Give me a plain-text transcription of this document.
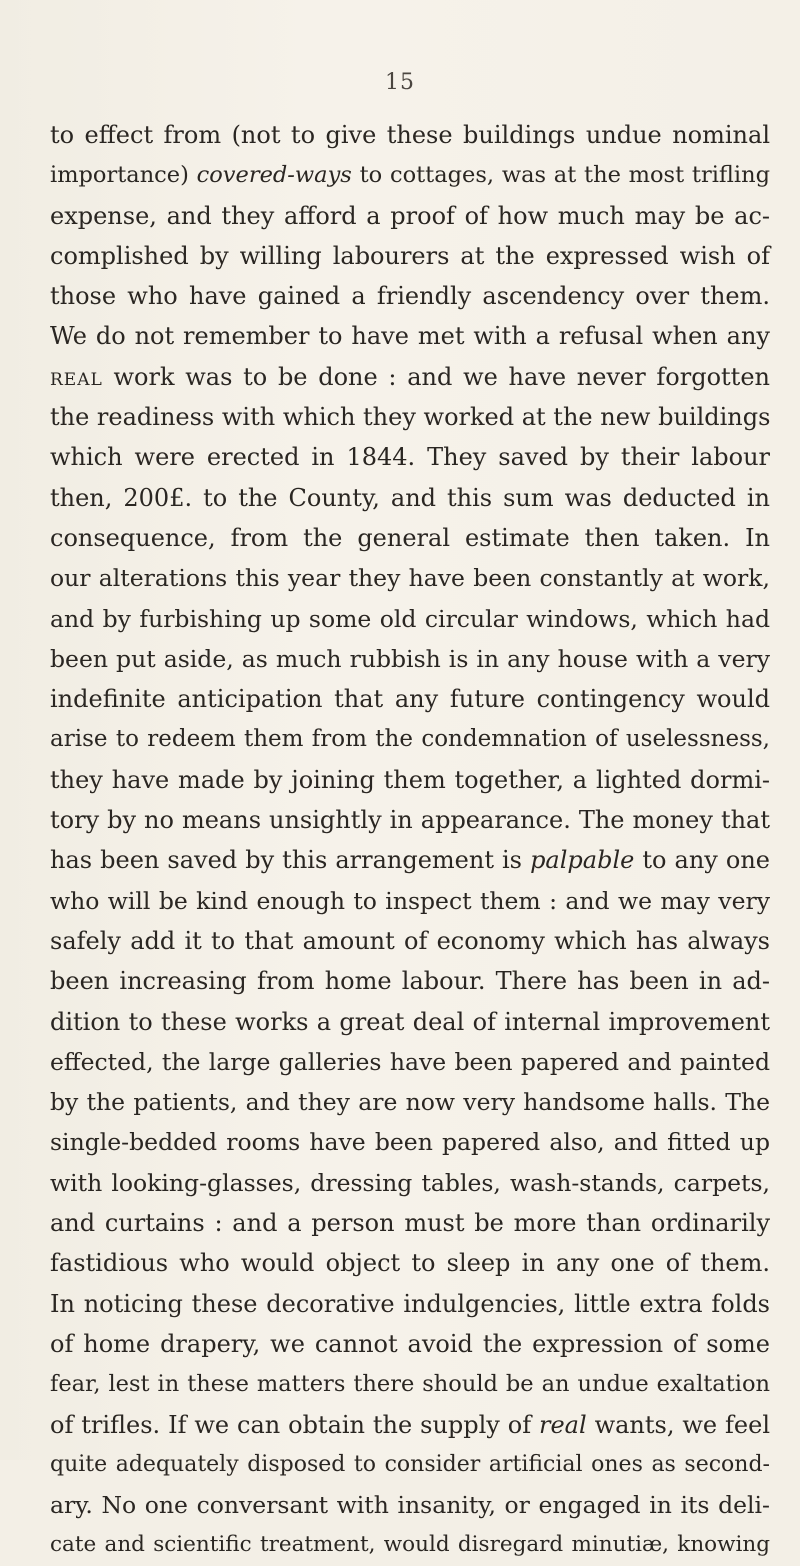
15
to effect from (not to give these buildings undue nominal
importance) covered-ways to cottages, was at the most trifling
expense, and they afford a proof of how much may be ac-
complished by willing labourers at the expressed wish of
those who have gained a friendly ascendency over them.
We do not remember to have met with a refusal when any
real work was to be done : and we have never forgotten
the readiness with which they worked at the new buildings
which were erected in 1844. They saved by their labour
then, 200£. to the County, and this sum was deducted in
consequence, from the general estimate then taken. In
our alterations this year they have been constantly at work,
and by furbishing up some old circular windows, which had
been put aside, as much rubbish is in any house with a very
indefinite anticipation that any future contingency would
arise to redeem them from the condemnation of uselessness,
they have made by joining them together, a lighted dormi-
tory by no means unsightly in appearance. The money that
has been saved by this arrangement is palpable to any one
who will be kind enough to inspect them : and we may very
safely add it to that amount of economy which has always
been increasing from home labour. There has been in ad-
dition to these works a great deal of internal improvement
effected, the large galleries have been papered and painted
by the patients, and they are now very handsome halls. The
single-bedded rooms have been papered also, and fitted up
with looking-glasses, dressing tables, wash-stands, carpets,
and curtains : and a person must be more than ordinarily
fastidious who would object to sleep in any one of them.
In noticing these decorative indulgencies, little extra folds
of home drapery, we cannot avoid the expression of some
fear, lest in these matters there should be an undue exaltation
of trifles. If we can obtain the supply of real wants, we feel
quite adequately disposed to consider artificial ones as second-
ary. No one conversant with insanity, or engaged in its deli-
cate and scientific treatment, would disregard minutiæ, knowing
